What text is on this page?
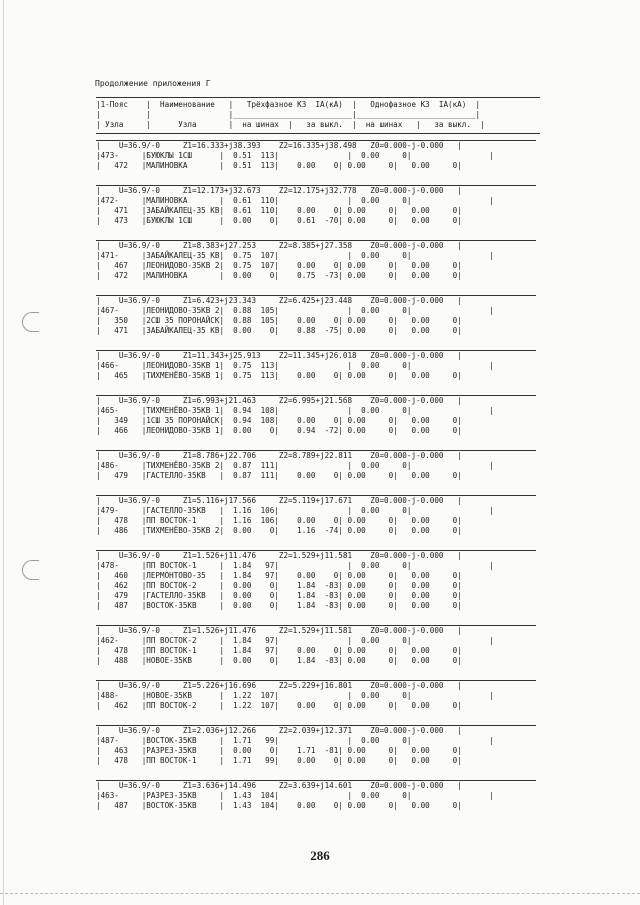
Продолжение приложения Г
|1-Пояс    |  Наименование   |   Трёхфазное КЗ  IA(кА)  |   Однофазное КЗ  IA(кА)  |
|          |                 |__________________________|__________________________|
| Узла     |      Узла       |  на шинах  |   за выкл.  |  на шинах   |   за выкл.  |
|    U=36.9/-0     Z1=16.333+j38.393    Z2=16.335+j38.498   Z0=0.000-j-0.000   |
|473-     |БУЮКЛЫ 1СШ      |  0.51  113|               |  0.00     0|                 |
|   472   |МАЛИНОВКА       |  0.51  113|    0.00    0| 0.00     0|   0.00     0|
|    U=36.9/-0     Z1=12.173+j32.673    Z2=12.175+j32.778   Z0=0.000-j-0.000   |
|472-     |МАЛИНОВКА       |  0.61  110|               |  0.00     0|                 |
|   471   |ЗАБАЙКАЛЕЦ-35 КВ|  0.61  110|    0.00    0| 0.00     0|   0.00     0|
|   473   |БУЮКЛЫ 1СШ      |  0.00    0|    0.61  -70| 0.00     0|   0.00     0|
|    U=36.9/-0     Z1=8.383+j27.253     Z2=8.385+j27.358    Z0=0.000-j-0.000   |
|471-     |ЗАБАЙКАЛЕЦ-35 КВ|  0.75  107|               |  0.00     0|                 |
|   467   |ЛЕОНИДОВО-35КВ 2|  0.75  107|    0.00    0| 0.00     0|   0.00     0|
|   472   |МАЛИНОВКА       |  0.00    0|    0.75  -73| 0.00     0|   0.00     0|
|    U=36.9/-0     Z1=6.423+j23.343     Z2=6.425+j23.448    Z0=0.000-j-0.000   |
|467-     |ЛЕОНИДОВО-35КВ 2|  0.88  105|               |  0.00     0|                 |
|   350   |2СШ 35 ПОРОНАЙСК|  0.88  105|    0.00    0| 0.00     0|   0.00     0|
|   471   |ЗАБАЙКАЛЕЦ-35 КВ|  0.00    0|    0.88  -75| 0.00     0|   0.00     0|
|    U=36.9/-0     Z1=11.343+j25.913    Z2=11.345+j26.018   Z0=0.000-j-0.000   |
|466-     |ЛЕОНИДОВО-35КВ 1|  0.75  113|               |  0.00     0|                 |
|   465   |ТИХМЕНЁВО-35КВ 1|  0.75  113|    0.00    0| 0.00     0|   0.00     0|
|    U=36.9/-0     Z1=6.993+j21.463     Z2=6.995+j21.568    Z0=0.000-j-0.000   |
|465-     |ТИХМЕНЁВО-35КВ 1|  0.94  108|               |  0.00     0|                 |
|   349   |1СШ 35 ПОРОНАЙСК|  0.94  108|    0.00    0| 0.00     0|   0.00     0|
|   466   |ЛЕОНИДОВО-35КВ 1|  0.00    0|    0.94  -72| 0.00     0|   0.00     0|
|    U=36.9/-0     Z1=8.786+j22.706     Z2=8.789+j22.811    Z0=0.000-j-0.000   |
|486-     |ТИХМЕНЁВО-35КВ 2|  0.87  111|               |  0.00     0|                 |
|   479   |ГАСТЕЛЛО-35КВ   |  0.87  111|    0.00    0| 0.00     0|   0.00     0|
|    U=36.9/-0     Z1=5.116+j17.566     Z2=5.119+j17.671    Z0=0.000-j-0.000   |
|479-     |ГАСТЕЛЛО-35КВ   |  1.16  106|               |  0.00     0|                 |
|   478   |ПП ВОСТОК-1     |  1.16  106|    0.00    0| 0.00     0|   0.00     0|
|   486   |ТИХМЕНЁВО-35КВ 2|  0.00    0|    1.16  -74| 0.00     0|   0.00     0|
|    U=36.9/-0     Z1=1.526+j11.476     Z2=1.529+j11.581    Z0=0.000-j-0.000   |
|478-     |ПП ВОСТОК-1     |  1.84   97|               |  0.00     0|                 |
|   460   |ЛЕРМОНТОВО-35   |  1.84   97|    0.00    0| 0.00     0|   0.00     0|
|   462   |ПП ВОСТОК-2     |  0.00    0|    1.84  -83| 0.00     0|   0.00     0|
|   479   |ГАСТЕЛЛО-35КВ   |  0.00    0|    1.84  -83| 0.00     0|   0.00     0|
|   487   |ВОСТОК-35КВ     |  0.00    0|    1.84  -83| 0.00     0|   0.00     0|
|    U=36.9/-0     Z1=1.526+j11.476     Z2=1.529+j11.581    Z0=0.000-j-0.000   |
|462-     |ПП ВОСТОК-2     |  1.84   97|               |  0.00     0|                 |
|   478   |ПП ВОСТОК-1     |  1.84   97|    0.00    0| 0.00     0|   0.00     0|
|   488   |НОВОЕ-35КВ      |  0.00    0|    1.84  -83| 0.00     0|   0.00     0|
|    U=36.9/-0     Z1=5.226+j16.696     Z2=5.229+j16.801    Z0=0.000-j-0.000   |
|488-     |НОВОЕ-35КВ      |  1.22  107|               |  0.00     0|                 |
|   462   |ПП ВОСТОК-2     |  1.22  107|    0.00    0| 0.00     0|   0.00     0|
|    U=36.9/-0     Z1=2.036+j12.266     Z2=2.039+j12.371    Z0=0.000-j-0.000   |
|487-     |ВОСТОК-35КВ     |  1.71   99|               |  0.00     0|                 |
|   463   |РАЗРЕЗ-35КВ     |  0.00    0|    1.71  -81| 0.00     0|   0.00     0|
|   478   |ПП ВОСТОК-1     |  1.71   99|    0.00    0| 0.00     0|   0.00     0|
|    U=36.9/-0     Z1=3.636+j14.496     Z2=3.639+j14.601    Z0=0.000-j-0.000   |
|463-     |РАЗРЕЗ-35КВ     |  1.43  104|               |  0.00     0|                 |
|   487   |ВОСТОК-35КВ     |  1.43  104|    0.00    0| 0.00     0|   0.00     0|
286
